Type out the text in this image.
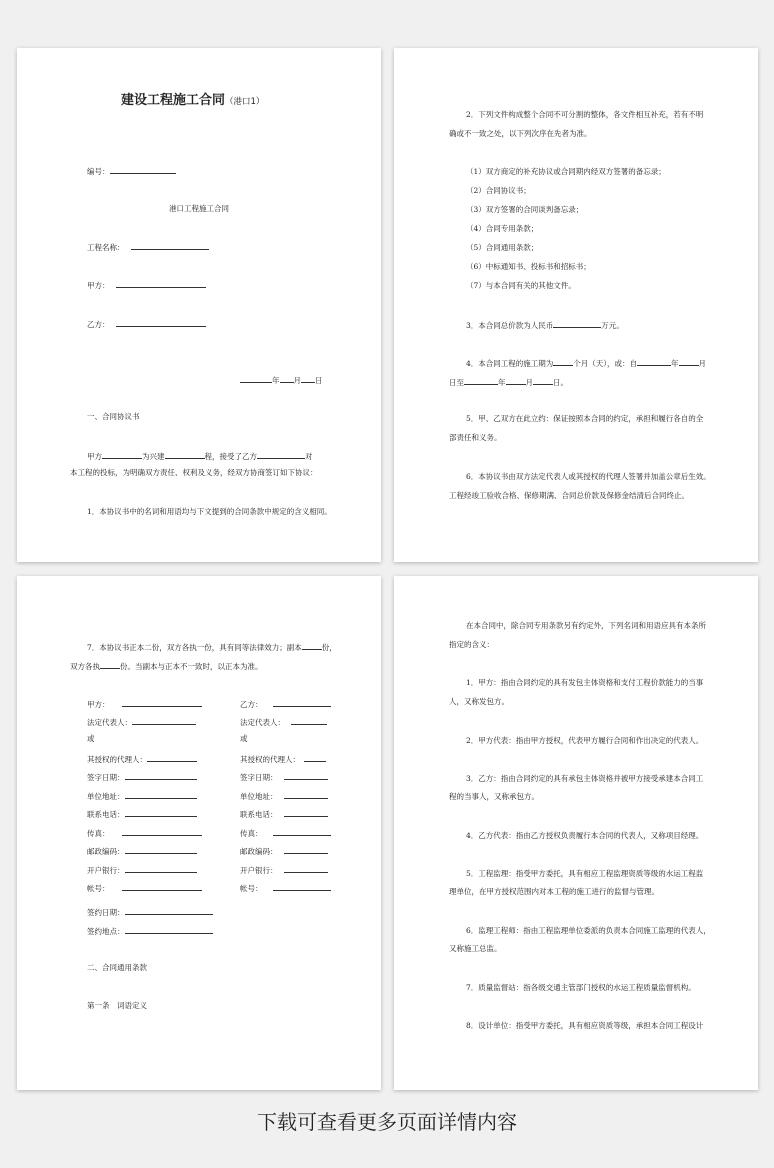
建设工程施工合同（港口1）
编号：
港口工程施工合同
工程名称：
甲方：
乙方：
年 月 日
一、合同协议书
甲方	为兴建	程，接受了乙方	对
本工程的投标，为明确双方责任、权利及义务，经双方协商签订如下协议：
1．本协议书中的名词和用语均与下文提到的合同条款中规定的含义相同。
2．下列文件构成整个合同不可分割的整体，各文件相互补充，若有不明
确或不一致之处，以下列次序在先者为准。
（1）双方商定的补充协议或合同期内经双方签署的备忘录；
（2）合同协议书；
（3）双方签署的合同谈判备忘录；
（4）合同专用条款；
（5）合同通用条款；
（6）中标通知书、投标书和招标书；
（7）与本合同有关的其他文件。
3．本合同总价款为人民币	万元。
4．本合同工程的施工期为	个月（天），或：自	年	月
日至	年	月	日。
5．甲、乙双方在此立约：保证按照本合同的约定，承担和履行各自的全
部责任和义务。
6．本协议书由双方法定代表人或其授权的代理人签署并加盖公章后生效。
工程经竣工验收合格、保修期满、合同总价款及保修金结清后合同终止。
7．本协议书正本二份，双方各执一份，具有同等法律效力；副本	份，
双方各执	份。当副本与正本不一致时，以正本为准。
甲方：
法定代表人：
或
其授权的代理人：
签字日期：
单位地址：
联系电话：
传真：
邮政编码：
开户银行：
帐号：
乙方：
法定代表人：
或
其授权的代理人：
签字日期：
单位地址：
联系电话：
传真：
邮政编码：
开户银行：
帐号：
签约日期：
签约地点：
二、合同通用条款
第一条　词语定义
在本合同中，除合同专用条款另有约定外，下列名词和用语应具有本条所
指定的含义：
1．甲方：指由合同约定的具有发包主体资格和支付工程价款能力的当事
人，又称发包方。
2．甲方代表：指由甲方授权，代表甲方履行合同和作出决定的代表人。
3．乙方：指由合同约定的具有承包主体资格并被甲方接受承建本合同工
程的当事人，又称承包方。
4．乙方代表：指由乙方授权负责履行本合同的代表人，又称项目经理。
5．工程监理：指受甲方委托，具有相应工程监理资质等级的水运工程监
理单位，在甲方授权范围内对本工程的施工进行的监督与管理。
6．监理工程师：指由工程监理单位委派的负责本合同施工监理的代表人，
又称施工总监。
7．质量监督站：指各级交通主管部门授权的水运工程质量监督机构。
8．设计单位：指受甲方委托，具有相应资质等级，承担本合同工程设计
下载可查看更多页面详情内容
